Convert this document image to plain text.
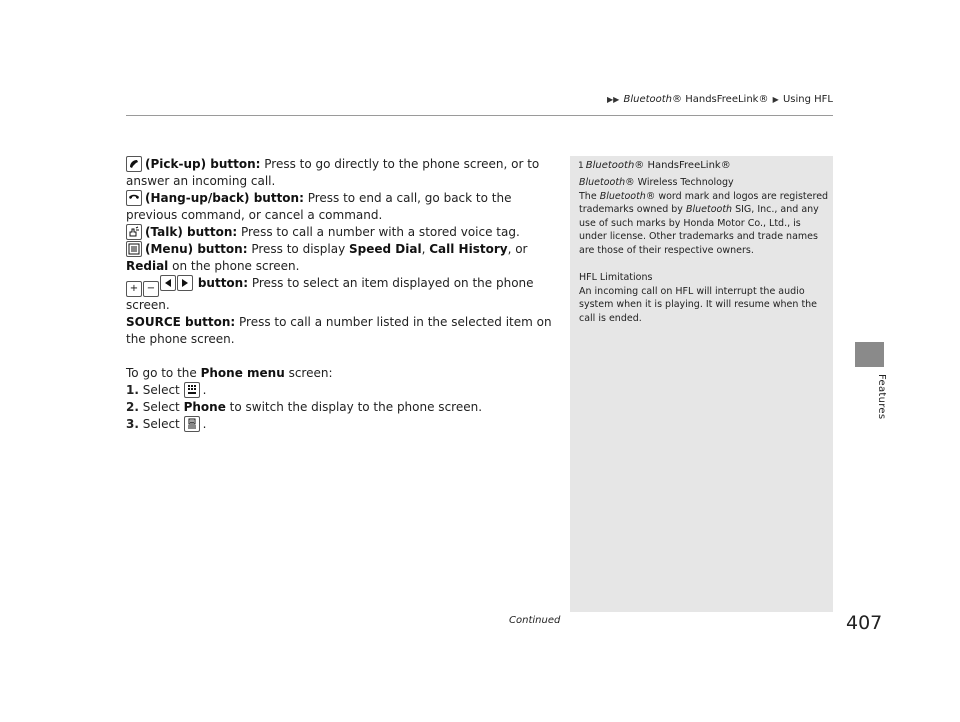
▶▶ Bluetooth® HandsFreeLink® ▶ Using HFL
Features

(Pick-up) button: Press to go directly to the phone screen, or to answer an incoming call.

(Hang-up/back) button: Press to end a call, go back to the previous command, or cancel a command.

(Talk) button: Press to call a number with a stored voice tag.

(Menu) button: Press to display Speed Dial, Call History, or Redial on the phone screen.

+ −	button: Press to select an item displayed on the phone screen.

SOURCE button: Press to call a number listed in the selected item on the phone screen.

To go to the Phone menu screen:

1. Select
.

2. Select Phone to switch the display to the phone screen.

3. Select
.

1 Bluetooth® HandsFreeLink®

Bluetooth® Wireless Technology

The Bluetooth® word mark and logos are registered trademarks owned by Bluetooth SIG, Inc., and any use of such marks by Honda Motor Co., Ltd., is under license. Other trademarks and trade names are those of their respective owners.

HFL Limitations

An incoming call on HFL will interrupt the audio system when it is playing. It will resume when the call is ended.

Continued	407
